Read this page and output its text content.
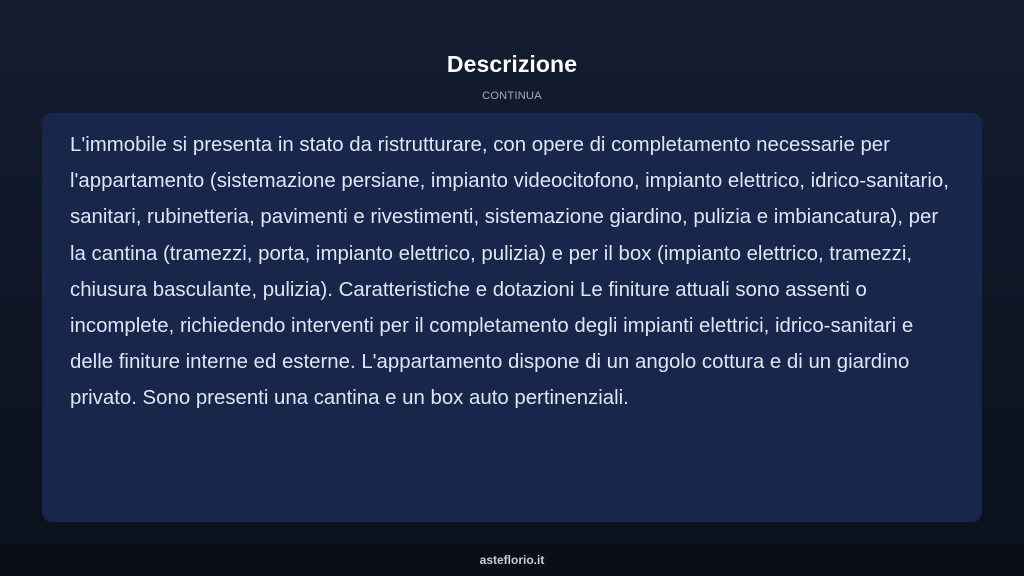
Descrizione
CONTINUA

L'immobile si presenta in stato da ristrutturare, con opere di completamento necessarie per l'appartamento (sistemazione persiane, impianto videocitofono, impianto elettrico, idrico-sanitario, sanitari, rubinetteria, pavimenti e rivestimenti, sistemazione giardino, pulizia e imbiancatura), per la cantina (tramezzi, porta, impianto elettrico, pulizia) e per il box (impianto elettrico, tramezzi, chiusura basculante, pulizia). Caratteristiche e dotazioni Le finiture attuali sono assenti o incomplete, richiedendo interventi per il completamento degli impianti elettrici, idrico-sanitari e delle finiture interne ed esterne. L'appartamento dispone di un angolo cottura e di un giardino privato. Sono presenti una cantina e un box auto pertinenziali.

asteflorio.it
